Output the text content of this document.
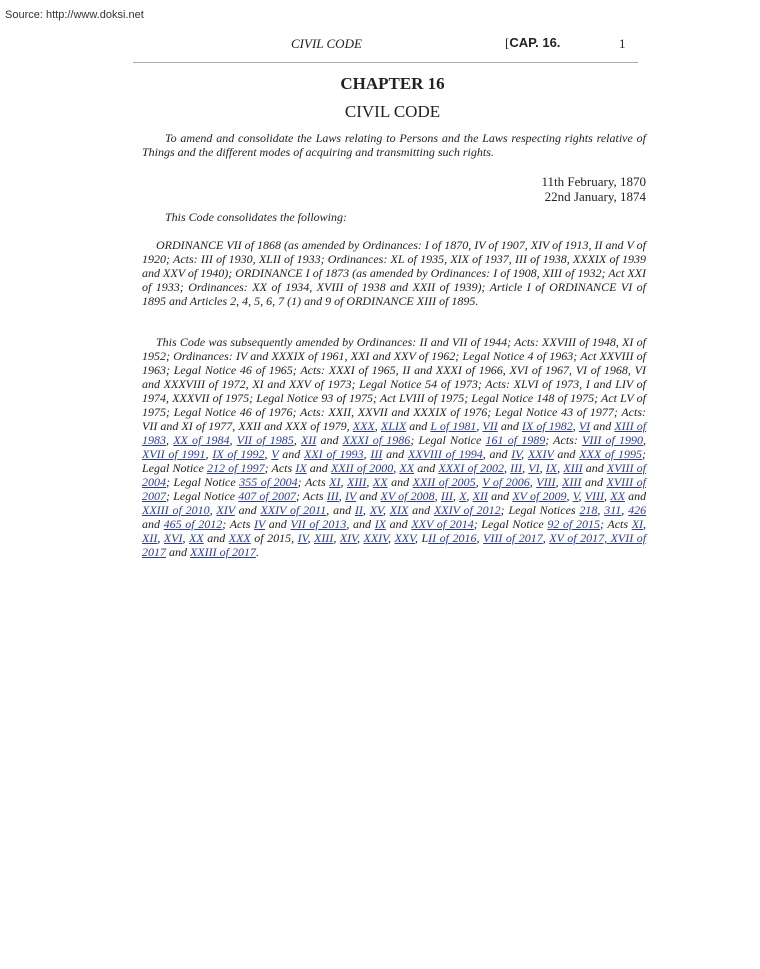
Source: http://www.doksi.net
CIVIL CODE	[CAP. 16.	1
CHAPTER 16
CIVIL CODE

To amend and consolidate the Laws relating to Persons and the Laws respecting rights relative of Things and the different modes of acquiring and transmitting such rights.

11th February, 1870
22nd January, 1874

This Code consolidates the following:

ORDINANCE VII of 1868 (as amended by Ordinances: I of 1870, IV of 1907, XIV of 1913, II and V of 1920; Acts: III of 1930, XLII of 1933; Ordinances: XL of 1935, XIX of 1937, III of 1938, XXXIX of 1939 and XXV of 1940); ORDINANCE I of 1873 (as amended by Ordinances: I of 1908, XIII of 1932; Act XXI of 1933; Ordinances: XX of 1934, XVIII of 1938 and XXII of 1939); Article I of ORDINANCE VI of 1895 and Articles 2, 4, 5, 6, 7 (1) and 9 of ORDINANCE XIII of 1895.

This Code was subsequently amended by Ordinances: II and VII of 1944; Acts: XXVIII of 1948, XI of 1952; Ordinances: IV and XXXIX of 1961, XXI and XXV of 1962; Legal Notice 4 of 1963; Act XXVIII of 1963; Legal Notice 46 of 1965; Acts: XXXI of 1965, II and XXXI of 1966, XVI of 1967, VI of 1968, VI and XXXVIII of 1972, XI and XXV of 1973; Legal Notice 54 of 1973; Acts: XLVI of 1973, I and LIV of 1974, XXXVII of 1975; Legal Notice 93 of 1975; Act LVIII of 1975; Legal Notice 148 of 1975; Act LV of 1975; Legal Notice 46 of 1976; Acts: XXII, XXVII and XXXIX of 1976; Legal Notice 43 of 1977; Acts: VII and XI of 1977, XXII and XXX of 1979, XXX, XLIX and L of 1981, VII and IX of 1982, VI and XIII of 1983, XX of 1984, VII of 1985, XII and XXXI of 1986; Legal Notice 161 of 1989; Acts: VIII of 1990, XVII of 1991, IX of 1992, V and XXI of 1993, III and XXVIII of 1994, and IV, XXIV and XXX of 1995; Legal Notice 212 of 1997; Acts IX and XXII of 2000, XX and XXXI of 2002, III, VI, IX, XIII and XVIII of 2004; Legal Notice 355 of 2004; Acts XI, XIII, XX and XXII of 2005, V of 2006, VIII, XIII and XVIII of 2007; Legal Notice 407 of 2007; Acts III, IV and XV of 2008, III, X, XII and XV of 2009, V, VIII, XX and XXIII of 2010, XIV and XXIV of 2011, and II, XV, XIX and XXIV of 2012; Legal Notices 218, 311, 426 and 465 of 2012; Acts IV and VII of 2013, and IX and XXV of 2014; Legal Notice 92 of 2015; Acts XI, XII, XVI, XX and XXX of 2015, IV, XIII, XIV, XXIV, XXV, LII of 2016, VIII of 2017, XV of 2017, XVII of 2017 and XXIII of 2017.
